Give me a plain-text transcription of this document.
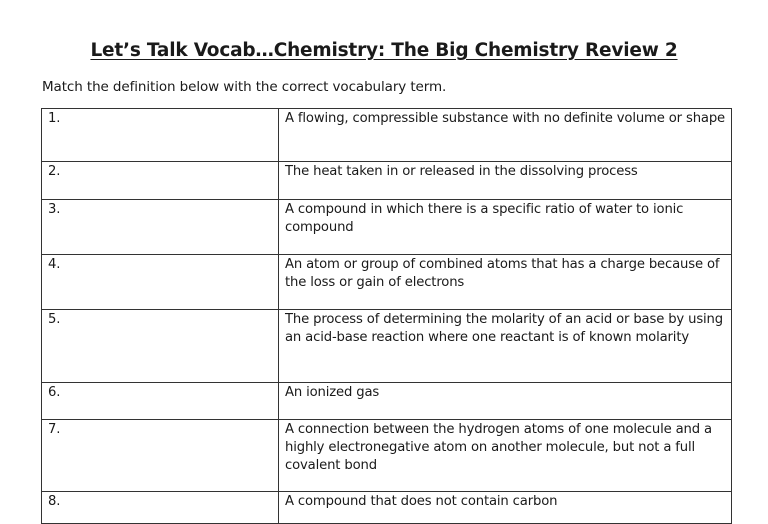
Let’s Talk Vocab…Chemistry: The Big Chemistry Review 2
Match the definition below with the correct vocabulary term.
1.	A flowing, compressible substance with no definite volume or shape
2.	The heat taken in or released in the dissolving process
3.	A compound in which there is a specific ratio of water to ionic compound
4.	An atom or group of combined atoms that has a charge because of the loss or gain of electrons
5.	The process of determining the molarity of an acid or base by using an acid-base reaction where one reactant is of known molarity
6.	An ionized gas
7.	A connection between the hydrogen atoms of one molecule and a highly electronegative atom on another molecule, but not a full covalent bond
8.	A compound that does not contain carbon
